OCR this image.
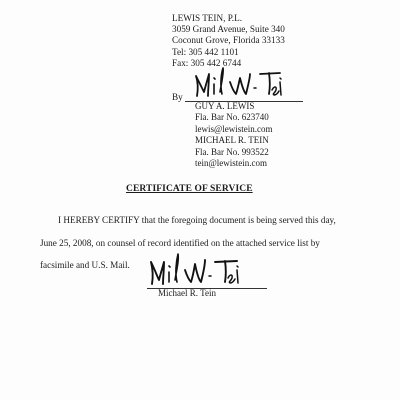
LEWIS TEIN, P.L.
3059 Grand Avenue, Suite 340
Coconut Grove, Florida 33133
Tel: 305 442 1101
Fax: 305 442 6744
By
GUY A. LEWIS
Fla. Bar No. 623740
lewis@lewistein.com
MICHAEL R. TEIN
Fla. Bar No. 993522
tein@lewistein.com
CERTIFICATE OF SERVICE
I HEREBY CERTIFY that the foregoing document is being served this day,
June 25, 2008, on counsel of record identified on the attached service list by
facsimile and U.S. Mail.
Michael R. Tein
